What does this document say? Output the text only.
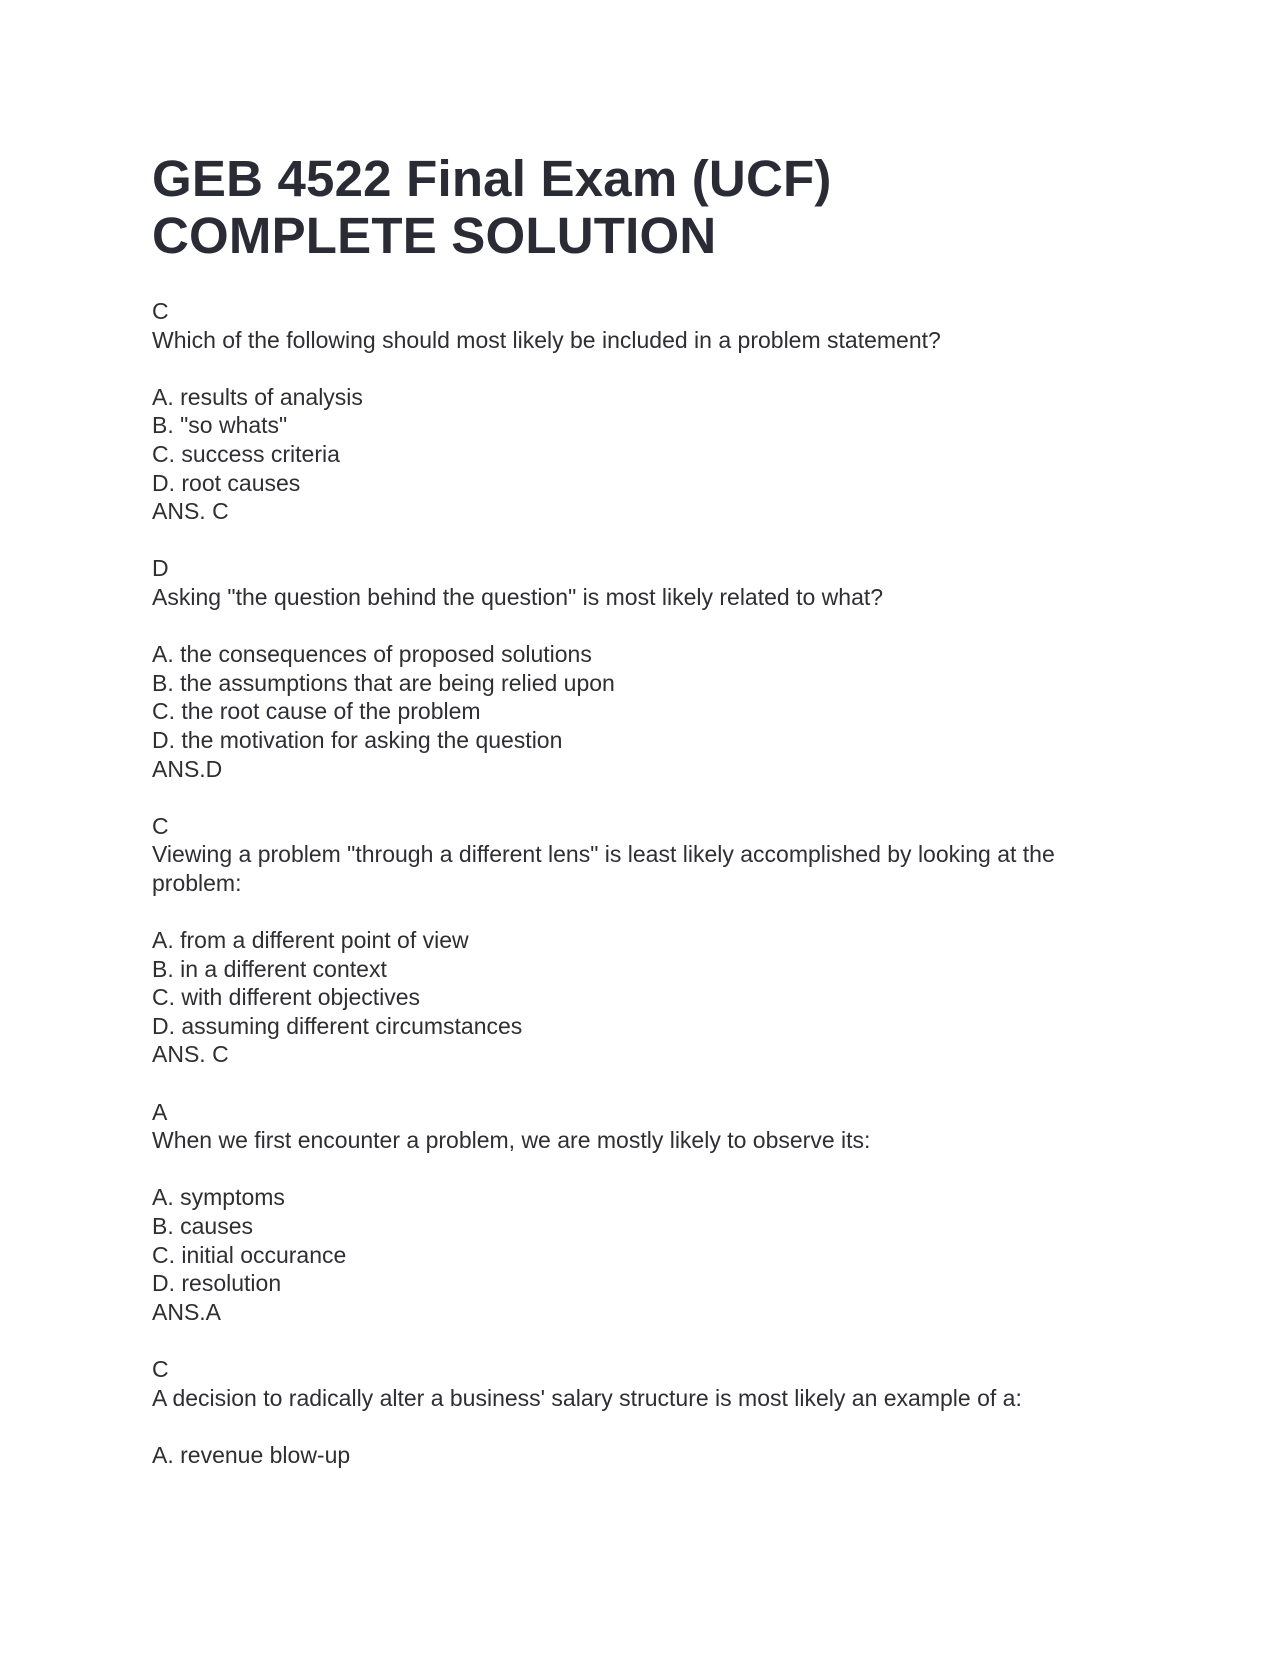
GEB 4522 Final Exam (UCF) COMPLETE SOLUTION
C
Which of the following should most likely be included in a problem statement?
A. results of analysis
B. "so whats"
C. success criteria
D. root causes
ANS. C
D
Asking "the question behind the question" is most likely related to what?
A. the consequences of proposed solutions
B. the assumptions that are being relied upon
C. the root cause of the problem
D. the motivation for asking the question
ANS.D
C
Viewing a problem "through a different lens" is least likely accomplished by looking at the problem:
A. from a different point of view
B. in a different context
C. with different objectives
D. assuming different circumstances
ANS. C
A
When we first encounter a problem, we are mostly likely to observe its:
A. symptoms
B. causes
C. initial occurance
D. resolution
ANS.A
C
A decision to radically alter a business' salary structure is most likely an example of a:
A. revenue blow-up
